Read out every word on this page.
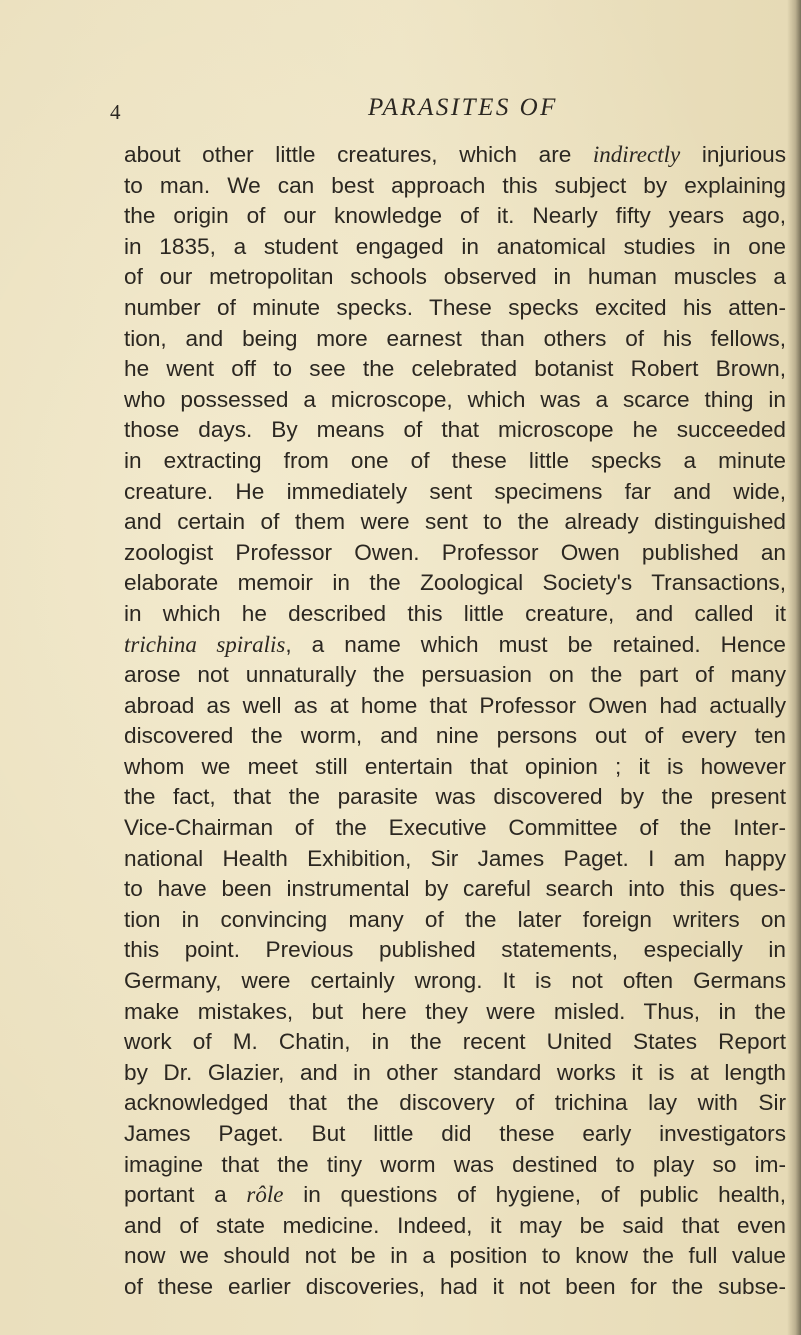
4	PARASITES OF
about other little creatures, which are indirectly injurious
to man. We can best approach this subject by explaining
the origin of our knowledge of it. Nearly fifty years ago,
in 1835, a student engaged in anatomical studies in one
of our metropolitan schools observed in human muscles a
number of minute specks. These specks excited his atten-
tion, and being more earnest than others of his fellows,
he went off to see the celebrated botanist Robert Brown,
who possessed a microscope, which was a scarce thing in
those days. By means of that microscope he succeeded
in extracting from one of these little specks a minute
creature. He immediately sent specimens far and wide,
and certain of them were sent to the already distinguished
zoologist Professor Owen. Professor Owen published an
elaborate memoir in the Zoological Society's Transactions,
in which he described this little creature, and called it
trichina spiralis, a name which must be retained. Hence
arose not unnaturally the persuasion on the part of many
abroad as well as at home that Professor Owen had actually
discovered the worm, and nine persons out of every ten
whom we meet still entertain that opinion ; it is however
the fact, that the parasite was discovered by the present
Vice-Chairman of the Executive Committee of the Inter-
national Health Exhibition, Sir James Paget. I am happy
to have been instrumental by careful search into this ques-
tion in convincing many of the later foreign writers on
this point. Previous published statements, especially in
Germany, were certainly wrong. It is not often Germans
make mistakes, but here they were misled. Thus, in the
work of M. Chatin, in the recent United States Report
by Dr. Glazier, and in other standard works it is at length
acknowledged that the discovery of trichina lay with Sir
James Paget. But little did these early investigators
imagine that the tiny worm was destined to play so im-
portant a rôle in questions of hygiene, of public health,
and of state medicine. Indeed, it may be said that even
now we should not be in a position to know the full value
of these earlier discoveries, had it not been for the subse-
